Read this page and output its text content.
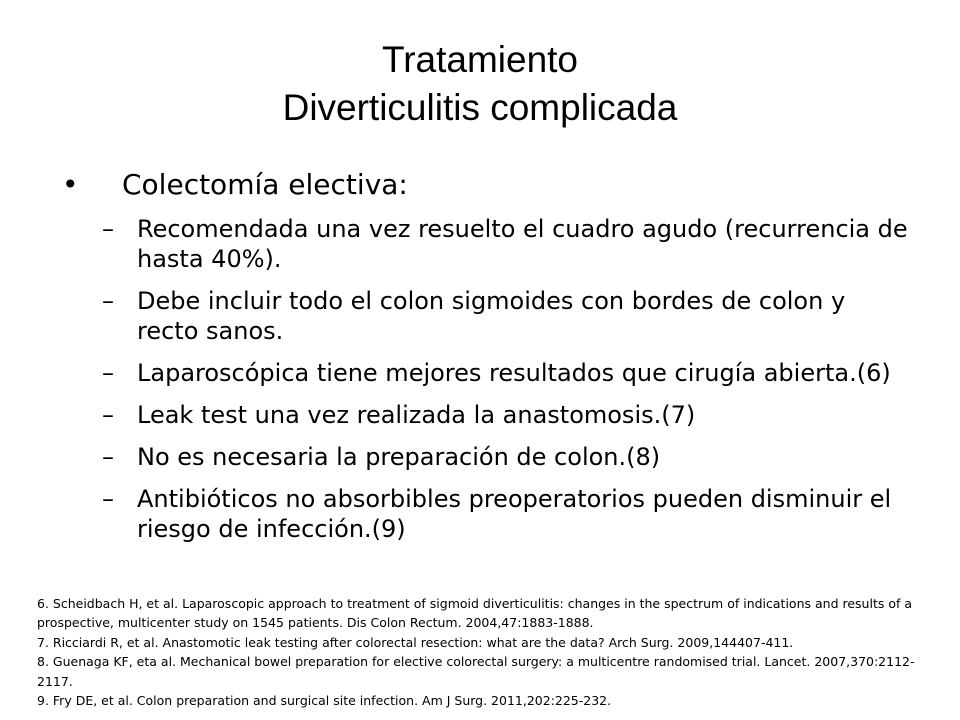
Tratamiento
Diverticulitis complicada
• Colectomía electiva:
– Recomendada una vez resuelto el cuadro agudo (recurrencia de hasta 40%).
– Debe incluir todo el colon sigmoides con bordes de colon y recto sanos.
– Laparoscópica tiene mejores resultados que cirugía abierta.(6)
– Leak test una vez realizada la anastomosis.(7)
– No es necesaria la preparación de colon.(8)
– Antibióticos no absorbibles preoperatorios pueden disminuir el riesgo de infección.(9)
6. Scheidbach H, et al. Laparoscopic approach to treatment of sigmoid diverticulitis: changes in the spectrum of indications and results of a prospective, multicenter study on 1545 patients. Dis Colon Rectum. 2004,47:1883-1888.
7. Ricciardi R, et al. Anastomotic leak testing after colorectal resection: what are the data? Arch Surg. 2009,144407-411.
8. Guenaga KF, eta al. Mechanical bowel preparation for elective colorectal surgery: a multicentre randomised trial. Lancet. 2007,370:2112-2117.
9. Fry DE, et al. Colon preparation and surgical site infection. Am J Surg. 2011,202:225-232.
